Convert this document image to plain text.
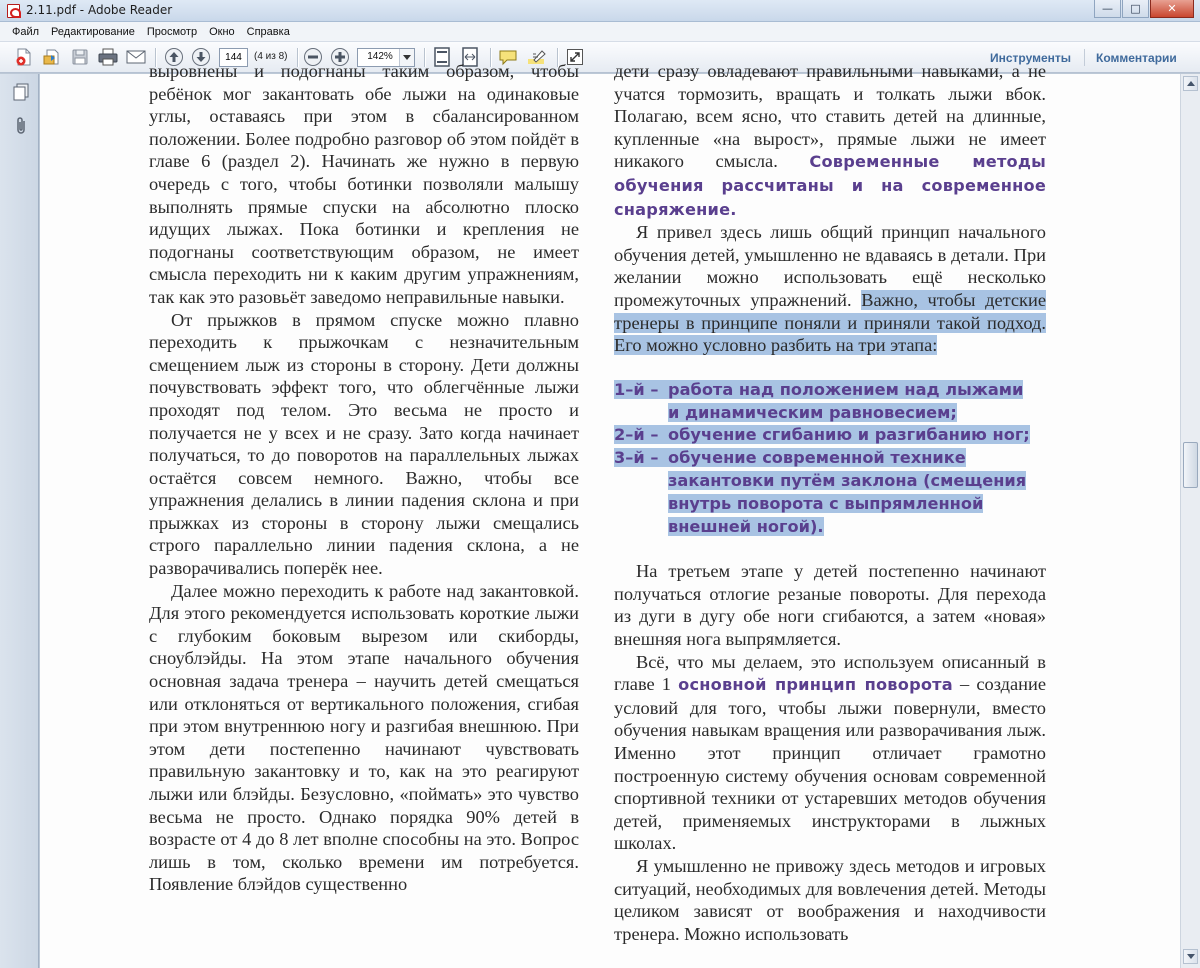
2.11.pdf - Adobe Reader	—	□	✕
Файл	Редактирование	Просмотр	Окно	Справка
144	(4 из 8)	142%	Инструменты Комментарии

выровнены и подогнаны таким образом, чтобы ребёнок мог закантовать обе лыжи на одинаковые углы, оставаясь при этом в сбалансированном положении. Более подробно разговор об этом пойдёт в главе 6 (раздел 2). Начинать же нужно в первую очередь с того, чтобы ботинки позволяли малышу выполнять прямые спуски на абсолютно плоско идущих лыжах. Пока ботинки и крепления не подогнаны соответствующим образом, не имеет смысла переходить ни к каким другим упражнениям, так как это разовьёт заведомо неправильные навыки.

От прыжков в прямом спуске можно плавно переходить к прыжочкам с незначительным смещением лыж из стороны в сторону. Дети должны почувствовать эффект того, что облегчённые лыжи проходят под телом. Это весьма не просто и получается не у всех и не сразу. Зато когда начинает получаться, то до поворотов на параллельных лыжах остаётся совсем немного. Важно, чтобы все упражнения делались в линии падения склона и при прыжках из стороны в сторону лыжи смещались строго параллельно линии падения склона, а не разворачивались поперёк нее.

Далее можно переходить к работе над закантовкой. Для этого рекомендуется использовать короткие лыжи с глубоким боковым вырезом или скиборды, сноублэйды. На этом этапе начального обучения основная задача тренера – научить детей смещаться или отклоняться от вертикального положения, сгибая при этом внутреннюю ногу и разгибая внешнюю. При этом дети постепенно начинают чувствовать правильную закантовку и то, как на это реагируют лыжи или блэйды. Безусловно, «поймать» это чувство весьма не просто. Однако порядка 90% детей в возрасте от 4 до 8 лет вполне способны на это. Вопрос лишь в том, сколько времени им потребуется. Появление блэйдов существенно

дети сразу овладевают правильными навыками, а не учатся тормозить, вращать и толкать лыжи вбок. Полагаю, всем ясно, что ставить детей на длинные, купленные «на вырост», прямые лыжи не имеет никакого смысла. Современные методы обучения рассчитаны и на современное снаряжение.

Я привел здесь лишь общий принцип начального обучения детей, умышленно не вдаваясь в детали. При желании можно использовать ещё несколько промежуточных упражнений. Важно, чтобы детские тренеры в принципе поняли и приняли такой подход. Его можно условно разбить на три этапа:

1–й – работа над положением над лыжами и динамическим равновесием;
2–й – обучение сгибанию и разгибанию ног;
3–й – обучение современной технике закантовки путём заклона (смещения внутрь поворота с выпрямленной внешней ногой).

На третьем этапе у детей постепенно начинают получаться отлогие резаные повороты. Для перехода из дуги в дугу обе ноги сгибаются, а затем «новая» внешняя нога выпрямляется.

Всё, что мы делаем, это используем описанный в главе 1 основной принцип поворота – создание условий для того, чтобы лыжи повернули, вместо обучения навыкам вращения или разворачивания лыж. Именно этот принцип отличает грамотно построенную систему обучения основам современной спортивной техники от устаревших методов обучения детей, применяемых инструкторами в лыжных школах.

Я умышленно не привожу здесь методов и игровых ситуаций, необходимых для вовлечения детей. Методы целиком зависят от воображения и находчивости тренера. Можно использовать
